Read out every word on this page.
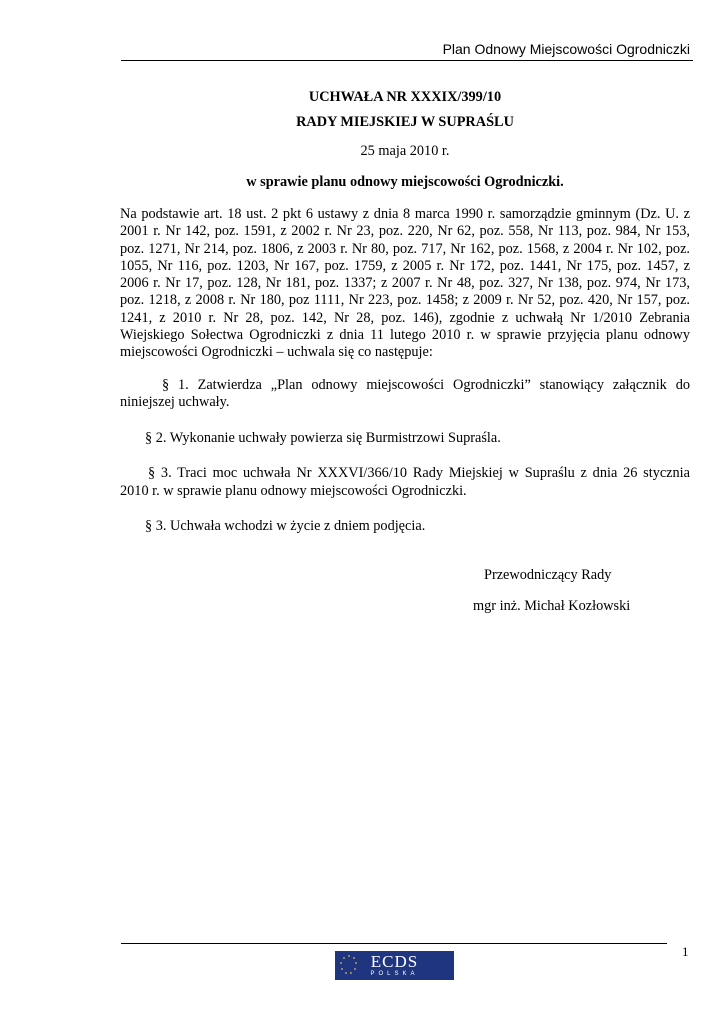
Plan Odnowy Miejscowości Ogrodniczki

UCHWAŁA NR XXXIX/399/10

RADY MIEJSKIEJ W SUPRAŚLU

25 maja 2010 r.

w sprawie planu odnowy miejscowości Ogrodniczki.

Na podstawie art. 18 ust. 2 pkt 6 ustawy z dnia 8 marca 1990 r. samorządzie gminnym (Dz. U. z 2001 r. Nr 142, poz. 1591, z 2002 r. Nr 23, poz. 220, Nr 62, poz. 558, Nr 113, poz. 984, Nr 153, poz. 1271, Nr 214, poz. 1806, z 2003 r. Nr 80, poz. 717, Nr 162, poz. 1568, z 2004 r. Nr 102, poz. 1055, Nr 116, poz. 1203, Nr 167, poz. 1759, z 2005 r. Nr 172, poz. 1441, Nr 175, poz. 1457, z 2006 r. Nr 17, poz. 128, Nr 181, poz. 1337; z 2007 r. Nr 48, poz. 327, Nr 138, poz. 974, Nr 173, poz. 1218, z 2008 r. Nr 180, poz 1111, Nr 223, poz. 1458; z 2009 r. Nr 52, poz. 420, Nr 157, poz. 1241, z 2010 r. Nr 28, poz. 142, Nr 28, poz. 146), zgodnie z uchwałą Nr 1/2010 Zebrania Wiejskiego Sołectwa Ogrodniczki z dnia 11 lutego 2010 r. w sprawie przyjęcia planu odnowy miejscowości Ogrodniczki – uchwala się co następuje:

§ 1. Zatwierdza „Plan odnowy miejscowości Ogrodniczki” stanowiący załącznik do niniejszej uchwały.

§ 2. Wykonanie uchwały powierza się Burmistrzowi Supraśla.

§ 3. Traci moc uchwała Nr XXXVI/366/10 Rady Miejskiej w Supraślu z dnia 26 stycznia 2010 r. w sprawie planu odnowy miejscowości Ogrodniczki.

§ 3. Uchwała wchodzi w życie z dniem podjęcia.

Przewodniczący Rady
mgr inż. Michał Kozłowski
1
ECDS
POLSKA
